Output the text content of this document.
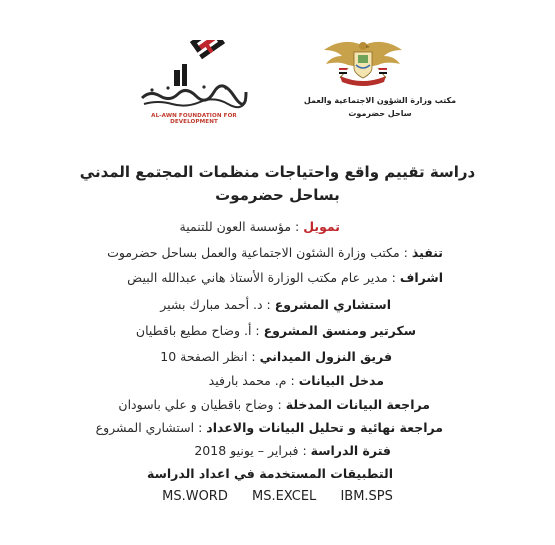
مكتب وزارة الشؤون الاجتماعية والعمل
ساحل حضرموت
AL-AWN FOUNDATION FOR DEVELOPMENT
دراسة تقييم واقع واحتياجات منظمات المجتمع المدني
بساحل حضرموت
تمويل : مؤسسة العون للتنمية
تنفيذ : مكتب وزارة الشئون الاجتماعية والعمل بساحل حضرموت
اشراف : مدير عام مكتب الوزارة الأستاذ هاني عبدالله البيض
استشاري المشروع : د. أحمد مبارك بشير
سكرتير ومنسق المشروع : أ. وضاح مطيع باقطيان
فريق النزول الميداني : انظر الصفحة 10
مدخل البيانات : م. محمد بارفيد
مراجعة البيانات المدخلة : وضاح باقطيان و علي باسودان
مراجعة نهائية و تحليل البيانات والاعداد : استشاري المشروع
فترة الدراسة : فبراير – يونيو 2018
التطبيقات المستخدمة في اعداد الدراسة
MS.WORD MS.EXCEL IBM.SPS
